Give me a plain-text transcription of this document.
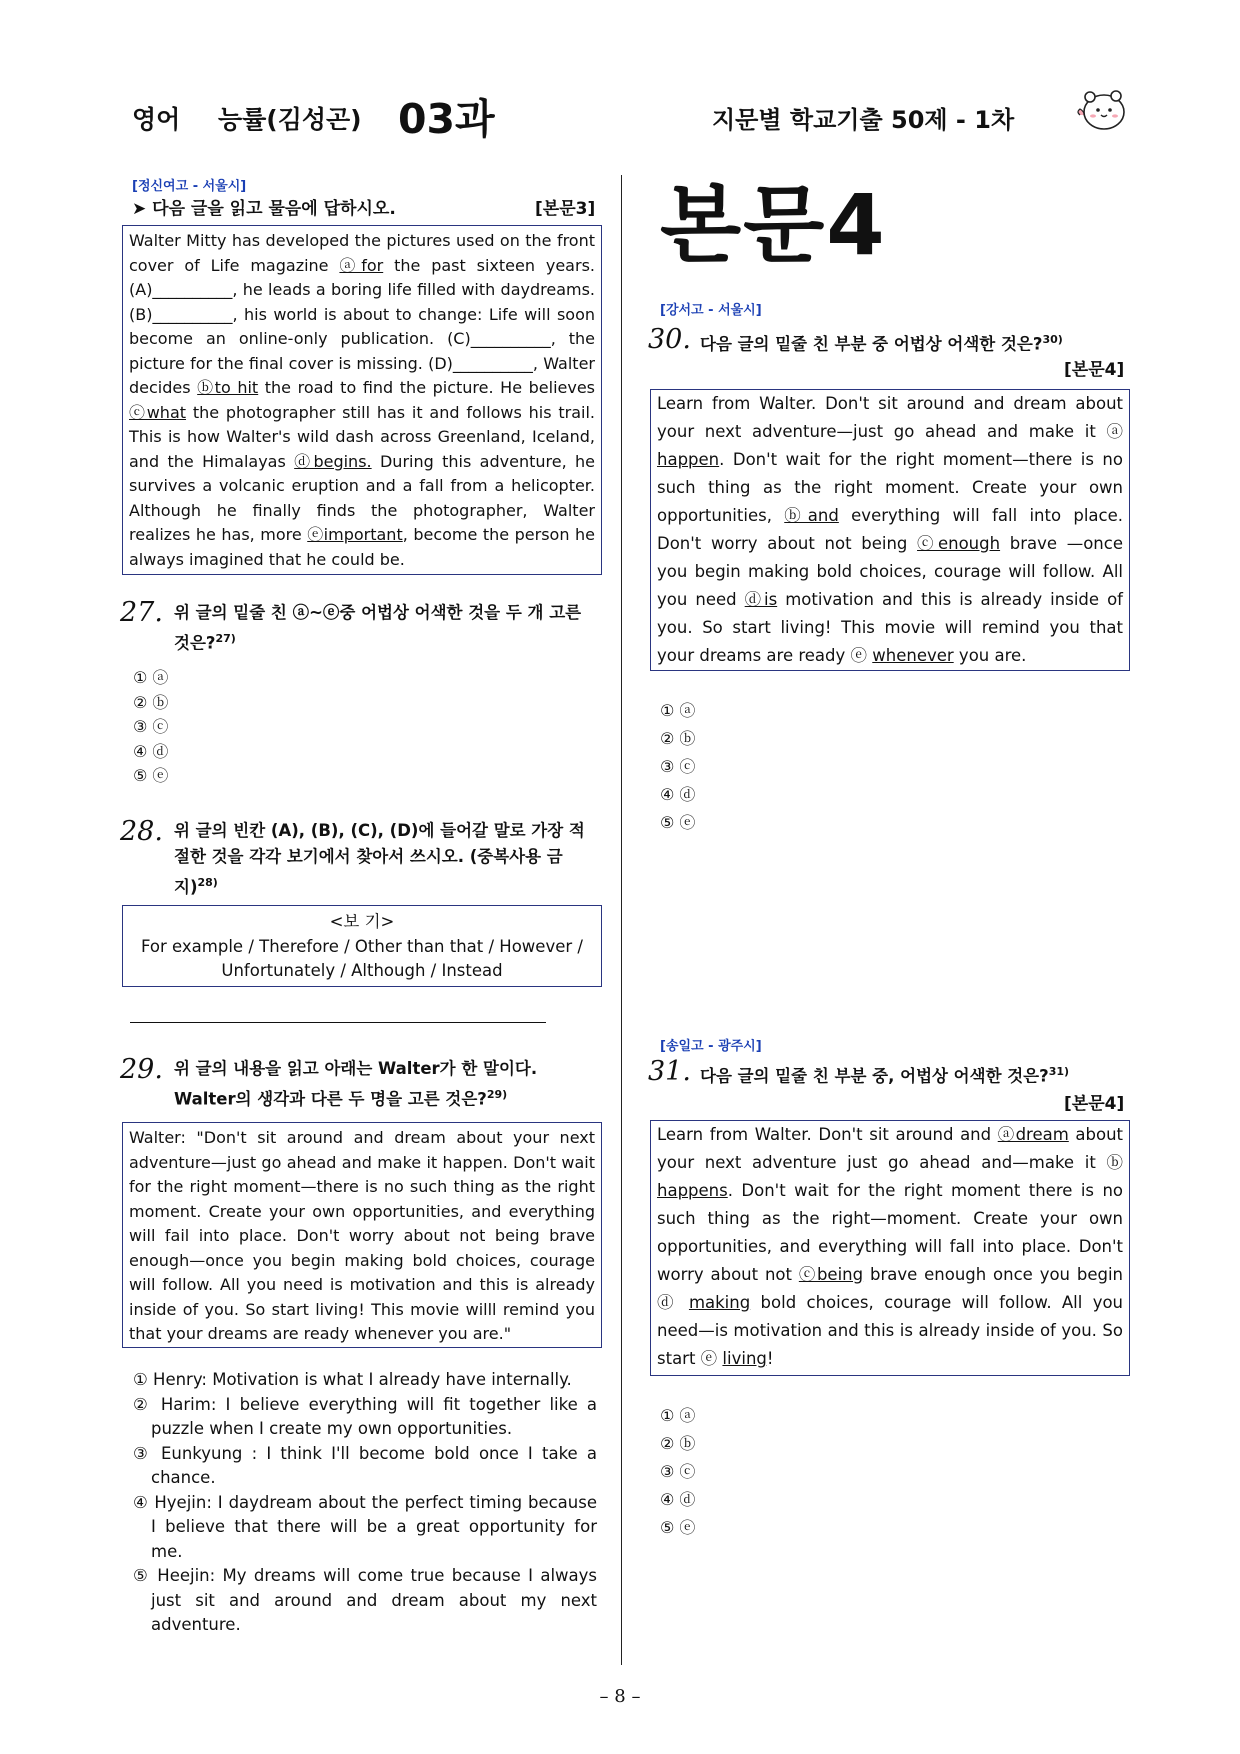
영어 능률(김성곤) 03과	지문별 학교기출 50제 - 1차
[정신여고 - 서울시]
➤ 다음 글을 읽고 물음에 답하시오.	[본문3]
Walter Mitty has developed the pictures used on the front cover of Life magazine ⓐfor the past sixteen years. (A)__________, he leads a boring life filled with daydreams. (B)__________, his world is about to change: Life will soon become an online-only publication. (C)__________, the picture for the final cover is missing. (D)__________, Walter decides ⓑto hit the road to find the picture. He believes ⓒwhat the photographer still has it and follows his trail. This is how Walter's wild dash across Greenland, Iceland, and the Himalayas ⓓbegins. During this adventure, he survives a volcanic eruption and a fall from a helicopter. Although he finally finds the photographer, Walter realizes he has, more ⓔimportant, become the person he always imagined that he could be.
27. 위 글의 밑줄 친 ⓐ~ⓔ중 어법상 어색한 것을 두 개 고른 것은?$^{27)}$
① ⓐ
② ⓑ
③ ⓒ
④ ⓓ
⑤ ⓔ
28. 위 글의 빈칸 (A), (B), (C), (D)에 들어갈 말로 가장 적절한 것을 각각 보기에서 찾아서 쓰시오. (중복사용 금지)$^{28)}$
<보 기>
For example / Therefore / Other than that / However /
Unfortunately / Although / Instead
29. 위 글의 내용을 읽고 아래는 Walter가 한 말이다. Walter의 생각과 다른 두 명을 고른 것은?$^{29)}$
Walter: "Don't sit around and dream about your next adventure—just go ahead and make it happen. Don't wait for the right moment—there is no such thing as the right moment. Create your own opportunities, and everything will fail into place. Don't worry about not being brave enough—once you begin making bold choices, courage will follow. All you need is motivation and this is already inside of you. So start living! This movie willl remind you that your dreams are ready whenever you are."
① Henry: Motivation is what I already have internally.
② Harim: I believe everything will fit together like a puzzle when I create my own opportunities.
③ Eunkyung : I think I'll become bold once I take a chance.
④ Hyejin: I daydream about the perfect timing because I believe that there will be a great opportunity for me.
⑤ Heejin: My dreams will come true because I always just sit and around and dream about my next adventure.
본문4
[강서고 - 서울시]
30. 다음 글의 밑줄 친 부분 중 어법상 어색한 것은?$^{30)}$
[본문4]
Learn from Walter. Don't sit around and dream about your next adventure—just go ahead and make it ⓐ happen. Don't wait for the right moment—there is no such thing as the right moment. Create your own opportunities, ⓑand everything will fall into place. Don't worry about not being ⓒenough brave —once you begin making bold choices, courage will follow. All you need ⓓis motivation and this is already inside of you. So start living! This movie will remind you that your dreams are ready ⓔ whenever you are.
① ⓐ
② ⓑ
③ ⓒ
④ ⓓ
⑤ ⓔ
[송일고 - 광주시]
31. 다음 글의 밑줄 친 부분 중, 어법상 어색한 것은?$^{31)}$
[본문4]
Learn from Walter. Don't sit around and ⓐdream about your next adventure just go ahead and—make it ⓑ happens. Don't wait for the right moment there is no such thing as the right—moment. Create your own opportunities, and everything will fall into place. Don't worry about not ⓒbeing brave enough once you begin ⓓ making bold choices, courage will follow. All you need—is motivation and this is already inside of you. So start ⓔ living!
① ⓐ
② ⓑ
③ ⓒ
④ ⓓ
⑤ ⓔ
– 8 –
